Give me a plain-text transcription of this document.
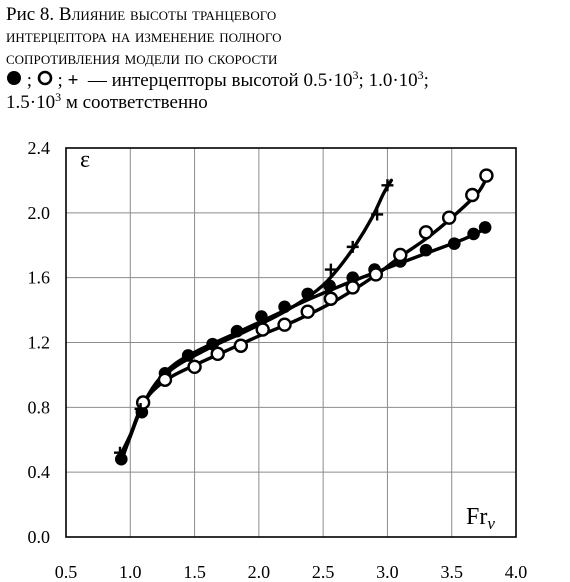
Рис 8. Влияние высоты транцевого
интерцептора на изменение полного
сопротивления модели по скорости
; ; + — интерцепторы высотой $0.5\cdot 10^3$; $1.0\cdot 10^3$;
$1.5\cdot 10^3$ м соответственно
0.5 1.0 1.5 2.0 2.5 3.0 3.5 4.0
0.0
0.4
0.8
1.2
1.6
2.0
2.4 ε
$Fr_v$
